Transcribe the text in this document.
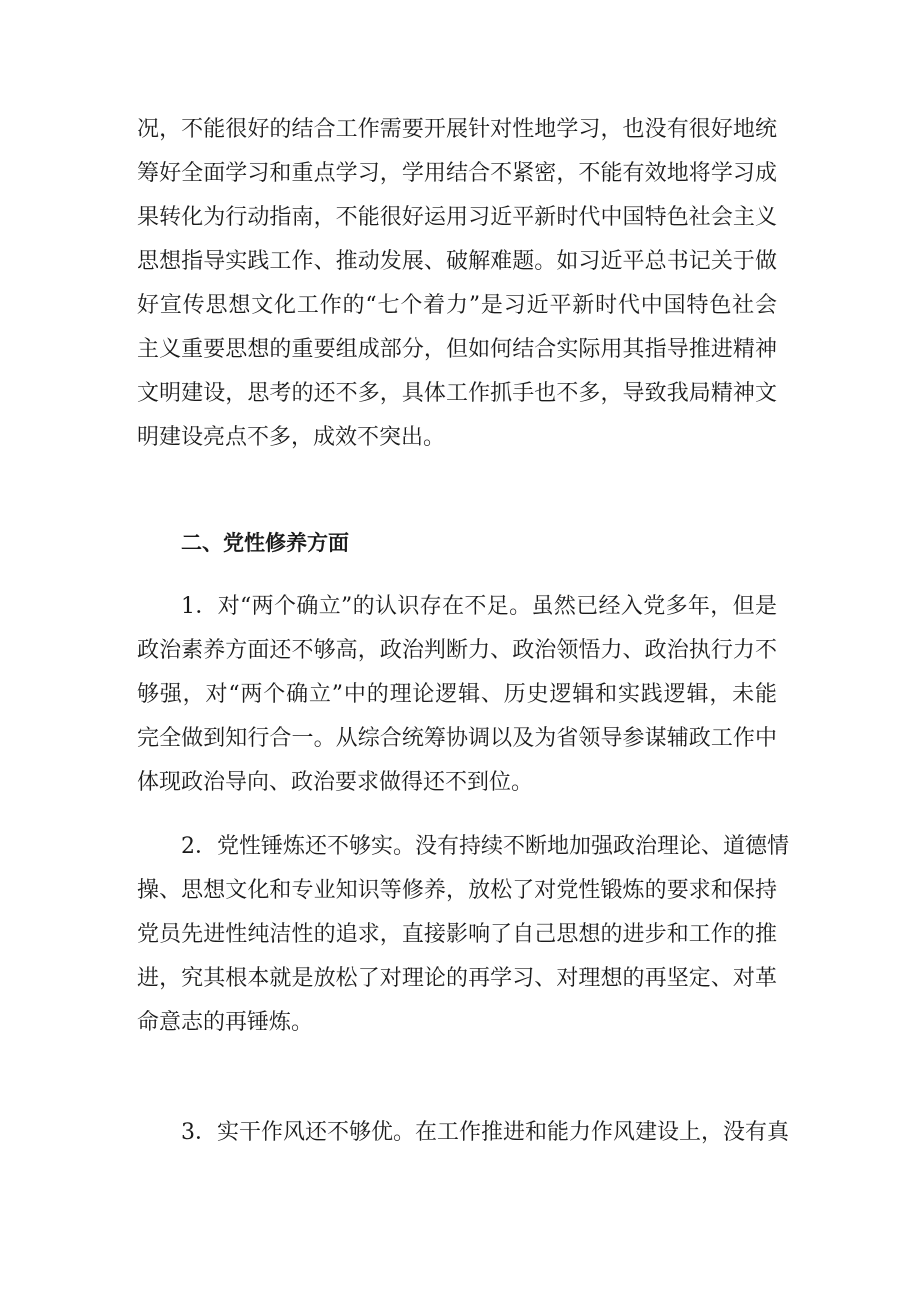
况，不能很好的结合工作需要开展针对性地学习，也没有很好地统
筹好全面学习和重点学习，学用结合不紧密，不能有效地将学习成
果转化为行动指南，不能很好运用习近平新时代中国特色社会主义
思想指导实践工作、推动发展、破解难题。如习近平总书记关于做
好宣传思想文化工作的“七个着力”是习近平新时代中国特色社会
主义重要思想的重要组成部分，但如何结合实际用其指导推进精神
文明建设，思考的还不多，具体工作抓手也不多，导致我局精神文
明建设亮点不多，成效不突出。
二、党性修养方面
1．对“两个确立”的认识存在不足。虽然已经入党多年，但是
政治素养方面还不够高，政治判断力、政治领悟力、政治执行力不
够强，对“两个确立”中的理论逻辑、历史逻辑和实践逻辑，未能
完全做到知行合一。从综合统筹协调以及为省领导参谋辅政工作中
体现政治导向、政治要求做得还不到位。
2．党性锤炼还不够实。没有持续不断地加强政治理论、道德情
操、思想文化和专业知识等修养，放松了对党性锻炼的要求和保持
党员先进性纯洁性的追求，直接影响了自己思想的进步和工作的推
进，究其根本就是放松了对理论的再学习、对理想的再坚定、对革
命意志的再锤炼。
3．实干作风还不够优。在工作推进和能力作风建设上，没有真
